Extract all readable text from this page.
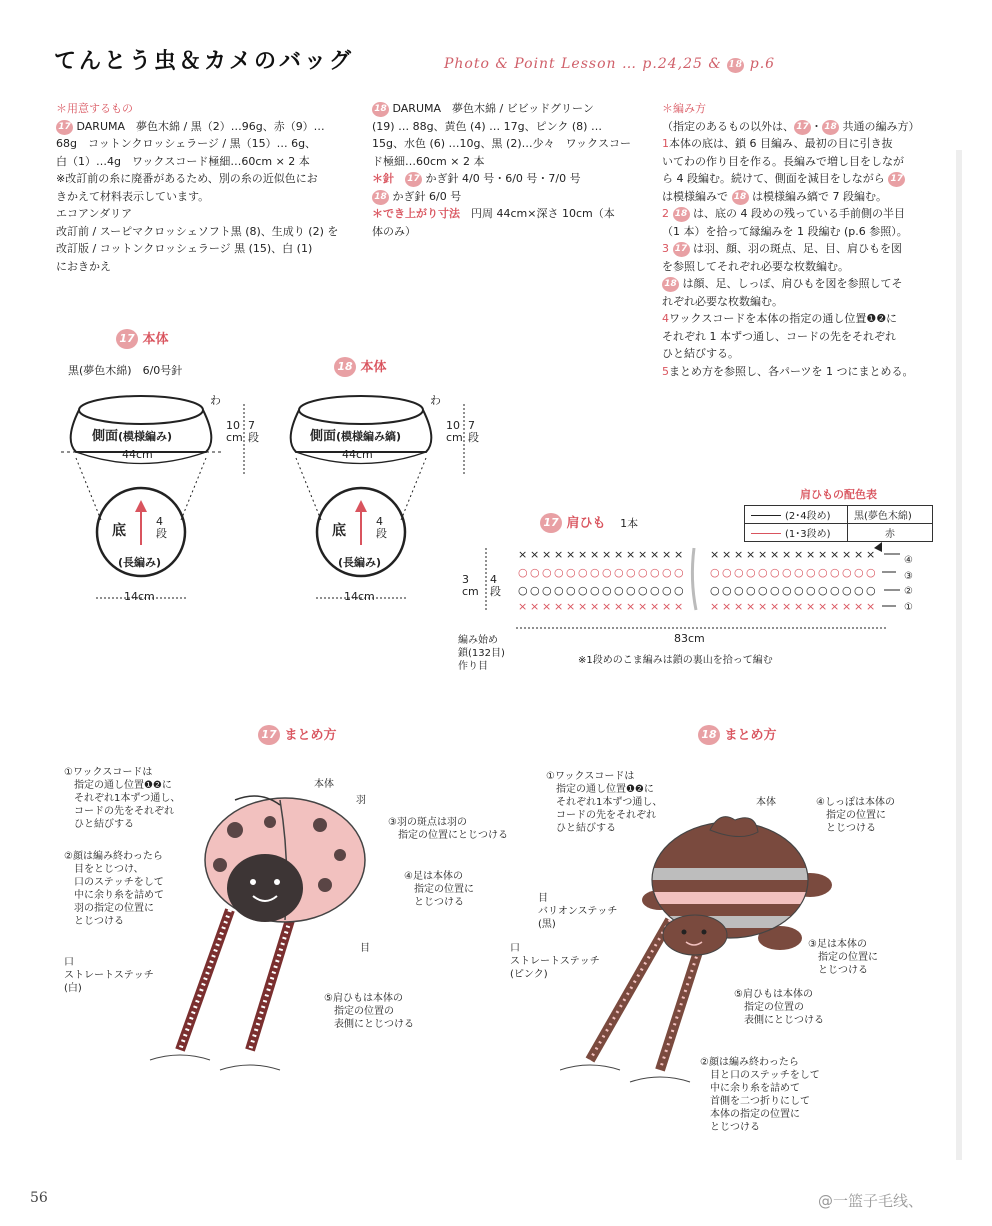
てんとう虫＆カメのバッグ	Photo & Point Lesson … p.24,25 & 18 p.6

＊用意するもの

17 DARUMA　夢色木綿 / 黒（2）…96g、赤（9）…

68g　コットンクロッシェラージ / 黒（15）… 6g、

白（1）…4g　ワックスコード極細…60cm × 2 本

※改訂前の糸に廃番があるため、別の糸の近似色にお

きかえて材料表示しています。

エコアンダリア

改訂前 / スーピマクロッシェソフト黒 (8)、生成り (2) を

改訂版 / コットンクロッシェラージ 黒 (15)、白 (1)

におきかえ

18 DARUMA　夢色木綿 / ビビッドグリーン

(19) … 88g、黄色 (4) … 17g、ピンク (8) …

15g、水色 (6) …10g、黒 (2)…少々　ワックスコー

ド極細…60cm × 2 本

＊針　 17 かぎ針 4/0 号・6/0 号・7/0 号

18 かぎ針 6/0 号

＊でき上がり寸法　 円周 44cm×深さ 10cm（本

体のみ）

＊編み方

（指定のあるもの以外は、 17 ・ 18 共通の編み方）

1本体の底は、鎖 6 目編み、最初の目に引き抜

いてわの作り目を作る。長編みで増し目をしなが

ら 4 段編む。続けて、側面を減目をしながら 17

は模様編みで 18 は模様編み縞で 7 段編む。

2 18 は、底の 4 段めの残っている手前側の半目

（1 本）を拾って縁編みを 1 段編む (p.6 参照）。

3 17 は羽、顔、羽の斑点、足、目、肩ひもを図

を参照してそれぞれ必要な枚数編む。

18 は顔、足、しっぽ、肩ひもを図を参照してそ

れぞれ必要な枚数編む。

4ワックスコードを本体の指定の通し位置❶❷に

それぞれ 1 本ずつ通し、コードの先をそれぞれ

ひと結びする。

5まとめ方を参照し、各パーツを 1 つにまとめる。

17 本体
黒(夢色木綿)　6/0号針
側面(模様編み)
44cm
わ
10
cm
7段
底
4段
(長編み)
14cm
18 本体
側面(模様編み縞)
44cm
わ
10
cm
7段
底
4段
(長編み)
14cm
17 肩ひも 1本
肩ひもの配色表
(2･4段め)	黒(夢色木綿)
(1･3段め)	赤
× × × × × × × × × × × × × × × × × × × × × × × × × × × ×
○ ○ ○ ○ ○ ○ ○ ○ ○ ○ ○ ○ ○ ○ ○ ○ ○ ○ ○ ○ ○ ○ ○ ○ ○ ○ ○ ○
○ ○ ○ ○ ○ ○ ○ ○ ○ ○ ○ ○ ○ ○ ○ ○ ○ ○ ○ ○ ○ ○ ○ ○ ○ ○ ○ ○
× × × × × × × × × × × × × × × × × × × × × × × × × × × ×
3
cm
4段
83cm
編み始め
鎖(132目)
作り目
※1段めのこま編みは鎖の裏山を拾って編む
④
③
②
①
17 まとめ方
①ワックスコードは
　指定の通し位置❶❷に
　それぞれ1本ずつ通し、
　コードの先をそれぞれ
　ひと結びする
②顔は編み終わったら
　目をとじつけ、
　口のステッチをして
　中に余り糸を詰めて
　羽の指定の位置に
　とじつける
口
ストレートステッチ
(白)
本体
羽
③羽の斑点は羽の
　指定の位置にとじつける
④足は本体の
　指定の位置に
　とじつける
目
⑤肩ひもは本体の
　指定の位置の
　表側にとじつける
18 まとめ方
①ワックスコードは
　指定の通し位置❶❷に
　それぞれ1本ずつ通し、
　コードの先をそれぞれ
　ひと結びする
本体	④しっぽは本体の
　指定の位置に
　とじつける
目
バリオンステッチ
(黒)
口
ストレートステッチ
(ピンク)
③足は本体の
　指定の位置に
　とじつける
⑤肩ひもは本体の
　指定の位置の
　表側にとじつける
②顔は編み終わったら
　目と口のステッチをして
　中に余り糸を詰めて
　首側を二つ折りにして
　本体の指定の位置に
　とじつける
56	@一篮子毛线、
